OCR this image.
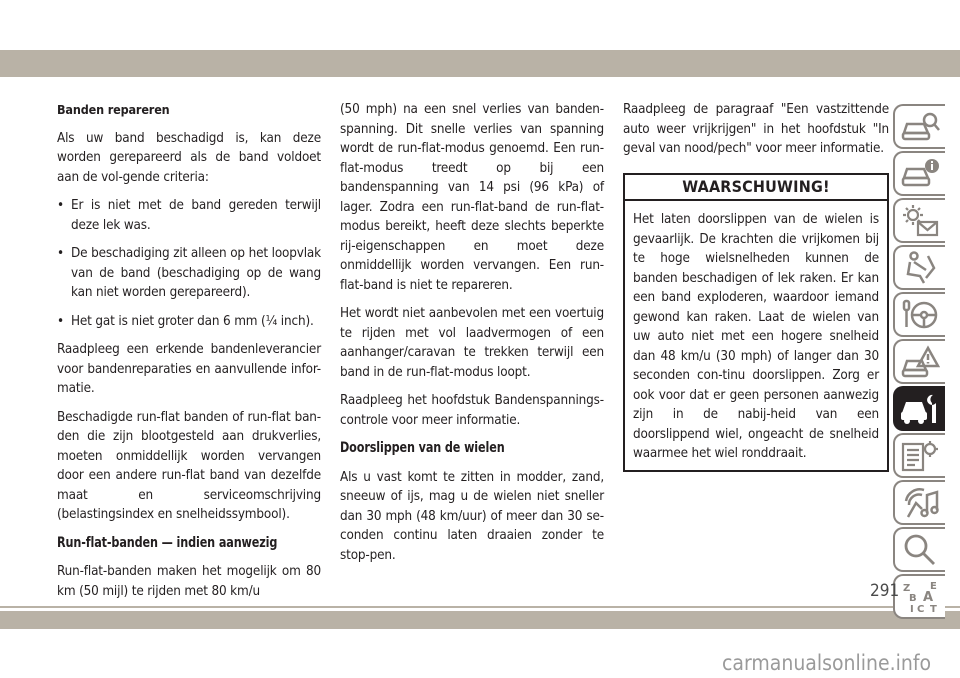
Banden repareren

Als uw band beschadigd is, kan deze worden gerepareerd als de band voldoet aan de vol-gende criteria:

• Er is niet met de band gereden terwijl deze lek was.
• De beschadiging zit alleen op het loopvlak van de band (beschadiging op de wang kan niet worden gerepareerd).
• Het gat is niet groter dan 6 mm (¼ inch).

Raadpleeg een erkende bandenleverancier voor bandenreparaties en aanvullende infor-matie.

Beschadigde run-flat banden of run-flat ban-den die zijn blootgesteld aan drukverlies, moeten onmiddellijk worden vervangen door een andere run-flat band van dezelfde maat en serviceomschrijving (belastingsindex en snelheidssymbool).

Run-flat-banden — indien aanwezig

Run-flat-banden maken het mogelijk om 80 km (50 mijl) te rijden met 80 km/u

(50 mph) na een snel verlies van banden-spanning. Dit snelle verlies van spanning wordt de run-flat-modus genoemd. Een run-flat-modus treedt op bij een bandenspanning van 14 psi (96 kPa) of lager. Zodra een run-flat-band de run-flat-modus bereikt, heeft deze slechts beperkte rij-eigenschappen en moet deze onmiddellijk worden vervangen. Een run-flat-band is niet te repareren.

Het wordt niet aanbevolen met een voertuig te rijden met vol laadvermogen of een aanhanger/caravan te trekken terwijl een band in de run-flat-modus loopt.

Raadpleeg het hoofdstuk Bandenspannings-controle voor meer informatie.

Doorslippen van de wielen

Als u vast komt te zitten in modder, zand, sneeuw of ijs, mag u de wielen niet sneller dan 30 mph (48 km/uur) of meer dan 30 se-conden continu laten draaien zonder te stop-pen.

Raadpleeg de paragraaf "Een vastzittende auto weer vrijkrijgen" in het hoofdstuk "In geval van nood/pech" voor meer informatie.

WAARSCHUWING!
Het laten doorslippen van de wielen is gevaarlijk. De krachten die vrijkomen bij te hoge wielsnelheden kunnen de banden beschadigen of lek raken. Er kan een band exploderen, waardoor iemand gewond kan raken. Laat de wielen van uw auto niet met een hogere snelheid dan 48 km/u (30 mph) of langer dan 30 seconden con-tinu doorslippen. Zorg er ook voor dat er geen personen aanwezig zijn in de nabij-heid van een doorslippend wiel, ongeacht de snelheid waarmee het wiel ronddraait.
Z E
B A
I C T
291
carmanualsonline.info
